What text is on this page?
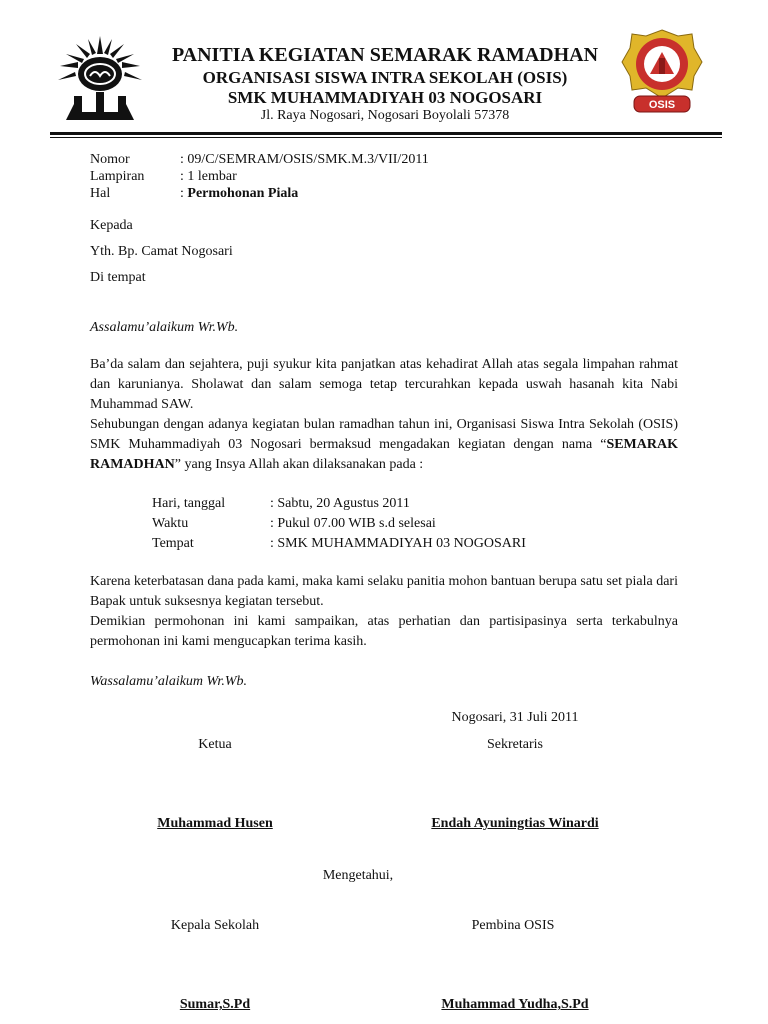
OSIS
PANITIA KEGIATAN SEMARAK RAMADHAN
ORGANISASI SISWA INTRA SEKOLAH (OSIS)
SMK MUHAMMADIYAH 03 NOGOSARI
Jl. Raya Nogosari, Nogosari Boyolali 57378
Nomor	: 09/C/SEMRAM/OSIS/SMK.M.3/VII/2011
Lampiran	: 1 lembar
Hal	: Permohonan Piala
Kepada
Yth. Bp. Camat Nogosari
Di tempat
Assalamu’alaikum Wr.Wb.

Ba’da salam dan sejahtera, puji syukur kita panjatkan atas kehadirat Allah atas segala limpahan rahmat dan karunianya. Sholawat dan salam semoga tetap tercurahkan kepada uswah hasanah kita Nabi Muhammad SAW.

Sehubungan dengan adanya kegiatan bulan ramadhan tahun ini, Organisasi Siswa Intra Sekolah (OSIS) SMK Muhammadiyah 03 Nogosari bermaksud mengadakan kegiatan dengan nama “SEMARAK RAMADHAN” yang Insya Allah akan dilaksanakan pada :

Hari, tanggal	: Sabtu, 20 Agustus 2011
Waktu	: Pukul 07.00 WIB s.d selesai
Tempat	: SMK MUHAMMADIYAH 03 NOGOSARI

Karena keterbatasan dana pada kami, maka kami selaku panitia mohon bantuan berupa satu set piala dari Bapak untuk suksesnya kegiatan tersebut.

Demikian permohonan ini kami sampaikan, atas perhatian dan partisipasinya serta terkabulnya permohonan ini kami mengucapkan terima kasih.

Wassalamu’alaikum Wr.Wb.
Nogosari, 31 Juli 2011
Ketua	Sekretaris
Muhammad Husen	Endah Ayuningtias Winardi
Mengetahui,
Kepala Sekolah	Pembina OSIS
Sumar,S.Pd	Muhammad Yudha,S.Pd
